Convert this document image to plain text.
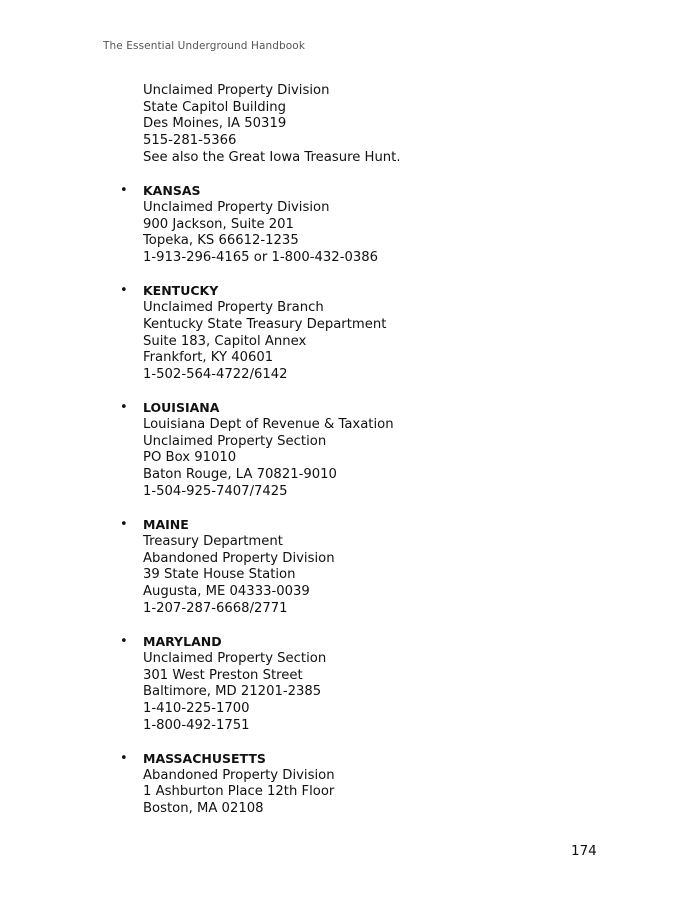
The Essential Underground Handbook
Unclaimed Property Division
State Capitol Building
Des Moines, IA 50319
515-281-5366
See also the Great Iowa Treasure Hunt.
• KANSAS
Unclaimed Property Division
900 Jackson, Suite 201
Topeka, KS 66612-1235
1-913-296-4165 or 1-800-432-0386
• KENTUCKY
Unclaimed Property Branch
Kentucky State Treasury Department
Suite 183, Capitol Annex
Frankfort, KY 40601
1-502-564-4722/6142
• LOUISIANA
Louisiana Dept of Revenue & Taxation
Unclaimed Property Section
PO Box 91010
Baton Rouge, LA 70821-9010
1-504-925-7407/7425
• MAINE
Treasury Department
Abandoned Property Division
39 State House Station
Augusta, ME 04333-0039
1-207-287-6668/2771
• MARYLAND
Unclaimed Property Section
301 West Preston Street
Baltimore, MD 21201-2385
1-410-225-1700
1-800-492-1751
• MASSACHUSETTS
Abandoned Property Division
1 Ashburton Place 12th Floor
Boston, MA 02108
174
